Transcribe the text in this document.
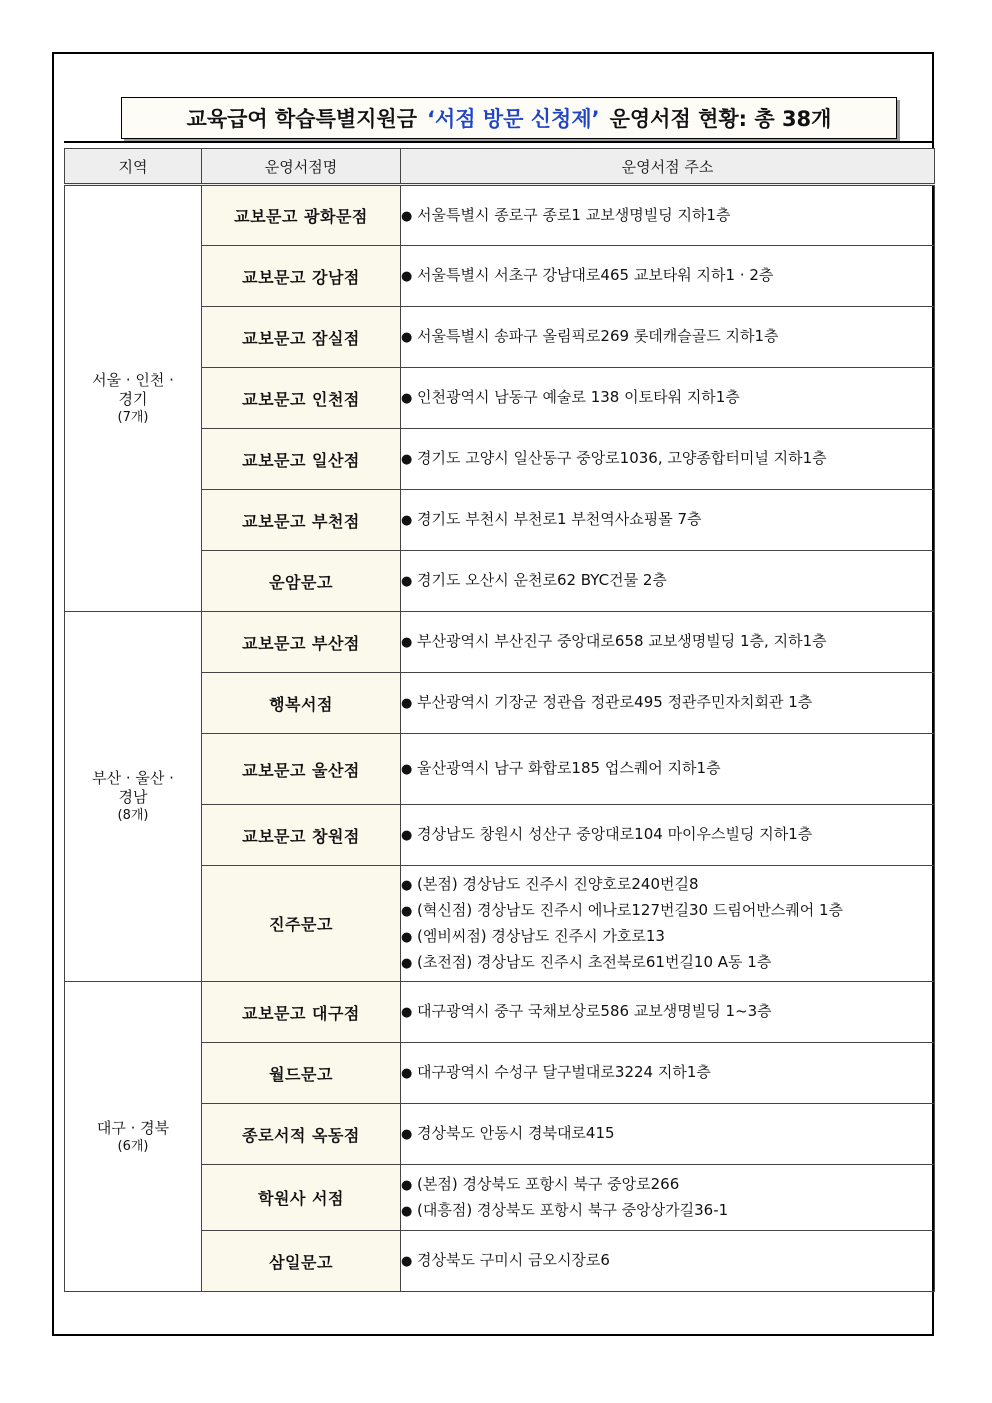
교육급여 학습특별지원금 ‘서점 방문 신청제’ 운영서점 현황: 총 38개
지역	운영서점명	운영서점 주소

서울 · 인천 ·
경기
(7개)	교보문고 광화문점	● 서울특별시 종로구 종로1 교보생명빌딩 지하1층

	교보문고 강남점	● 서울특별시 서초구 강남대로465 교보타워 지하1 · 2층

	교보문고 잠실점	● 서울특별시 송파구 올림픽로269 롯데캐슬골드 지하1층

	교보문고 인천점	● 인천광역시 남동구 예술로 138 이토타워 지하1층

	교보문고 일산점	● 경기도 고양시 일산동구 중앙로1036, 고양종합터미널 지하1층

	교보문고 부천점	● 경기도 부천시 부천로1 부천역사쇼핑몰 7층

	운암문고	● 경기도 오산시 운천로62 BYC건물 2층

부산 · 울산 ·
경남
(8개)	교보문고 부산점	● 부산광역시 부산진구 중앙대로658 교보생명빌딩 1층, 지하1층

	행복서점	● 부산광역시 기장군 정관읍 정관로495 정관주민자치회관 1층

	교보문고 울산점	● 울산광역시 남구 화합로185 업스퀘어 지하1층

	교보문고 창원점	● 경상남도 창원시 성산구 중앙대로104 마이우스빌딩 지하1층

	진주문고	● (본점) 경상남도 진주시 진양호로240번길8
● (혁신점) 경상남도 진주시 에나로127번길30 드림어반스퀘어 1층
● (엠비씨점) 경상남도 진주시 가호로13
● (초전점) 경상남도 진주시 초전북로61번길10 A동 1층

대구 · 경북
(6개)	교보문고 대구점	● 대구광역시 중구 국채보상로586 교보생명빌딩 1~3층

	월드문고	● 대구광역시 수성구 달구벌대로3224 지하1층

	종로서적 옥동점	● 경상북도 안동시 경북대로415

	학원사 서점	● (본점) 경상북도 포항시 북구 중앙로266
● (대흥점) 경상북도 포항시 북구 중앙상가길36-1

	삼일문고	● 경상북도 구미시 금오시장로6
